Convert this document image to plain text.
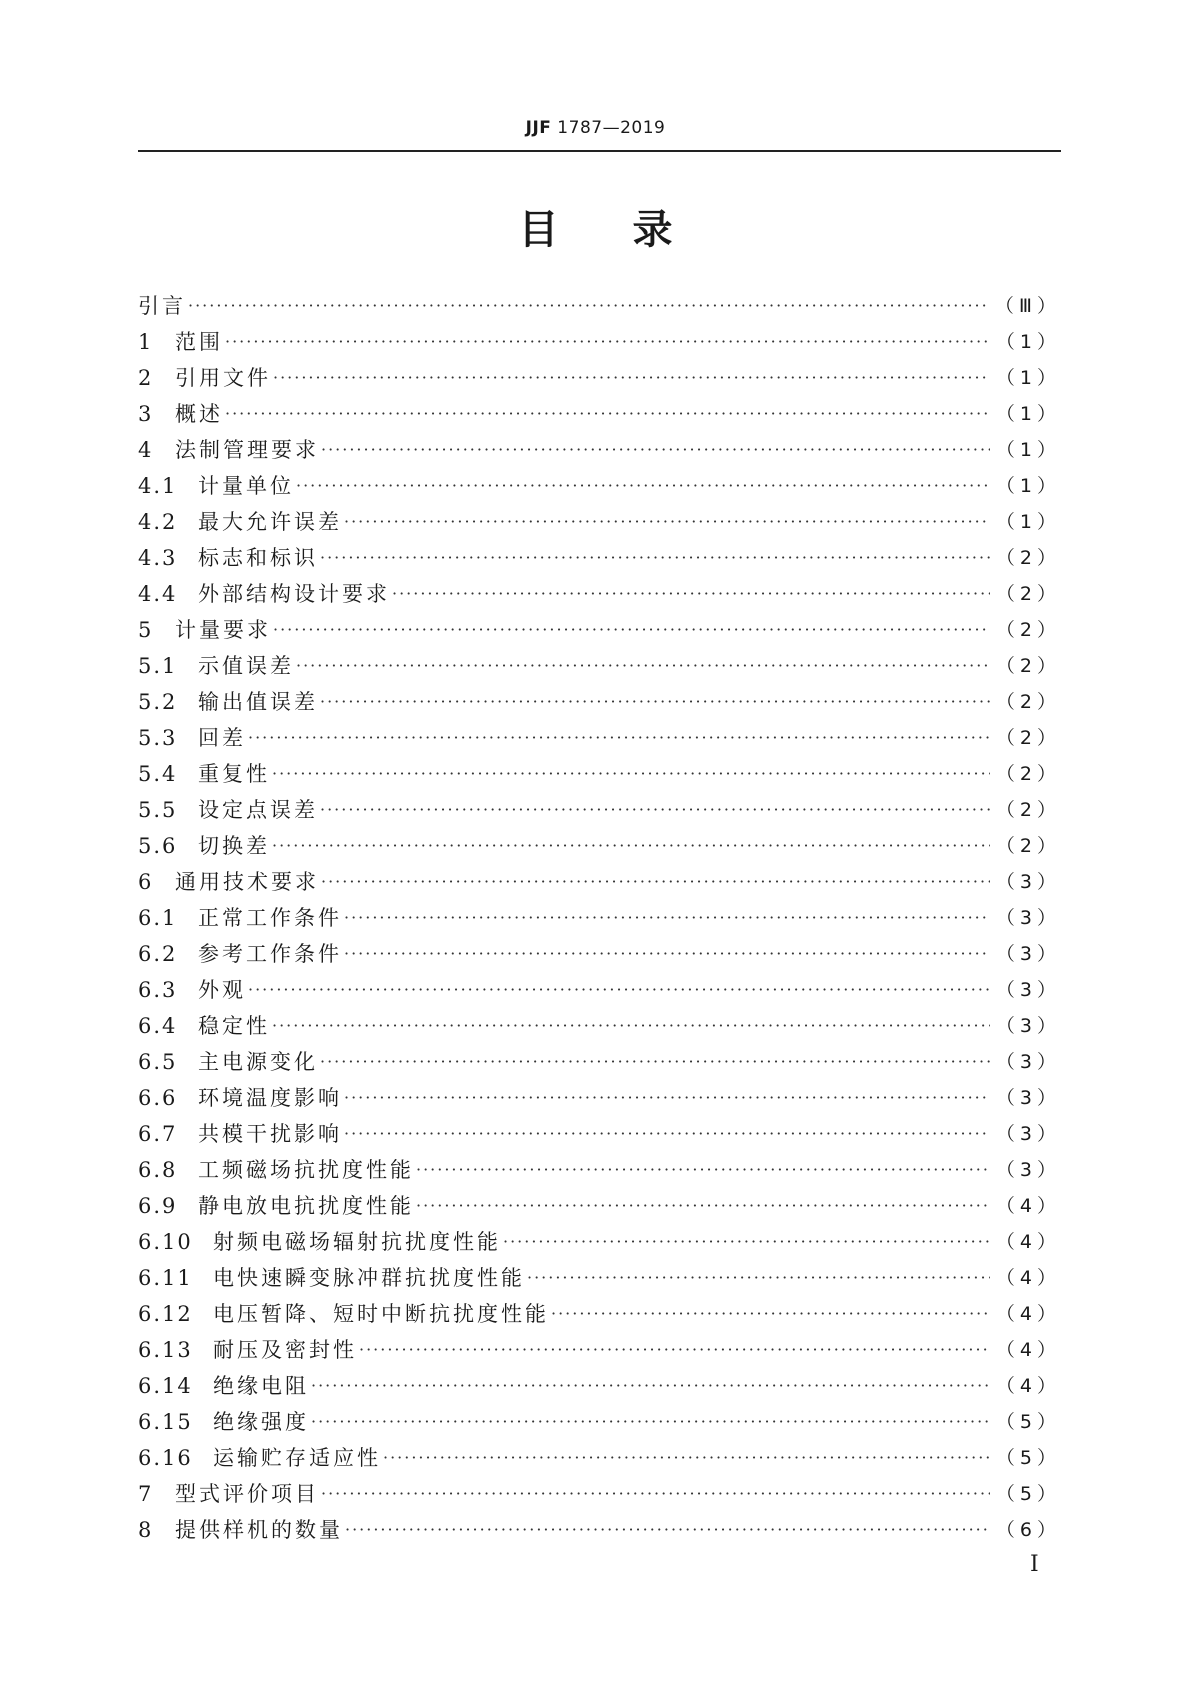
JJF 1787—2019
目 录
引言 ·····	（Ⅲ）
1	范围 ·····	（1）
2	引用文件 ·····	（1）
3	概述 ·····	（1）
4	法制管理要求 ·····	（1）
4.1 计量单位 ·····	（1）
4.2 最大允许误差 ·····	（1）
4.3 标志和标识 ·····	（2）
4.4 外部结构设计要求 ·····	（2）
5	计量要求 ·····	（2）
5.1 示值误差 ·····	（2）
5.2 输出值误差 ·····	（2）
5.3 回差 ·····	（2）
5.4 重复性 ·····	（2）
5.5 设定点误差 ·····	（2）
5.6 切换差 ·····	（2）
6	通用技术要求 ·····	（3）
6.1 正常工作条件 ·····	（3）
6.2 参考工作条件 ·····	（3）
6.3 外观 ·····	（3）
6.4 稳定性 ·····	（3）
6.5 主电源变化 ·····	（3）
6.6 环境温度影响 ·····	（3）
6.7 共模干扰影响 ·····	（3）
6.8 工频磁场抗扰度性能 ·····	（3）
6.9 静电放电抗扰度性能 ·····	（4）
6.10 射频电磁场辐射抗扰度性能 ·····	（4）
6.11 电快速瞬变脉冲群抗扰度性能 ·····	（4）
6.12 电压暂降、短时中断抗扰度性能 ·····	（4）
6.13 耐压及密封性 ·····	（4）
6.14 绝缘电阻 ·····	（4）
6.15 绝缘强度 ·····	（5）
6.16 运输贮存适应性 ·····	（5）
7	型式评价项目 ·····	（5）
8	提供样机的数量 ·····	（6）
Ⅰ
